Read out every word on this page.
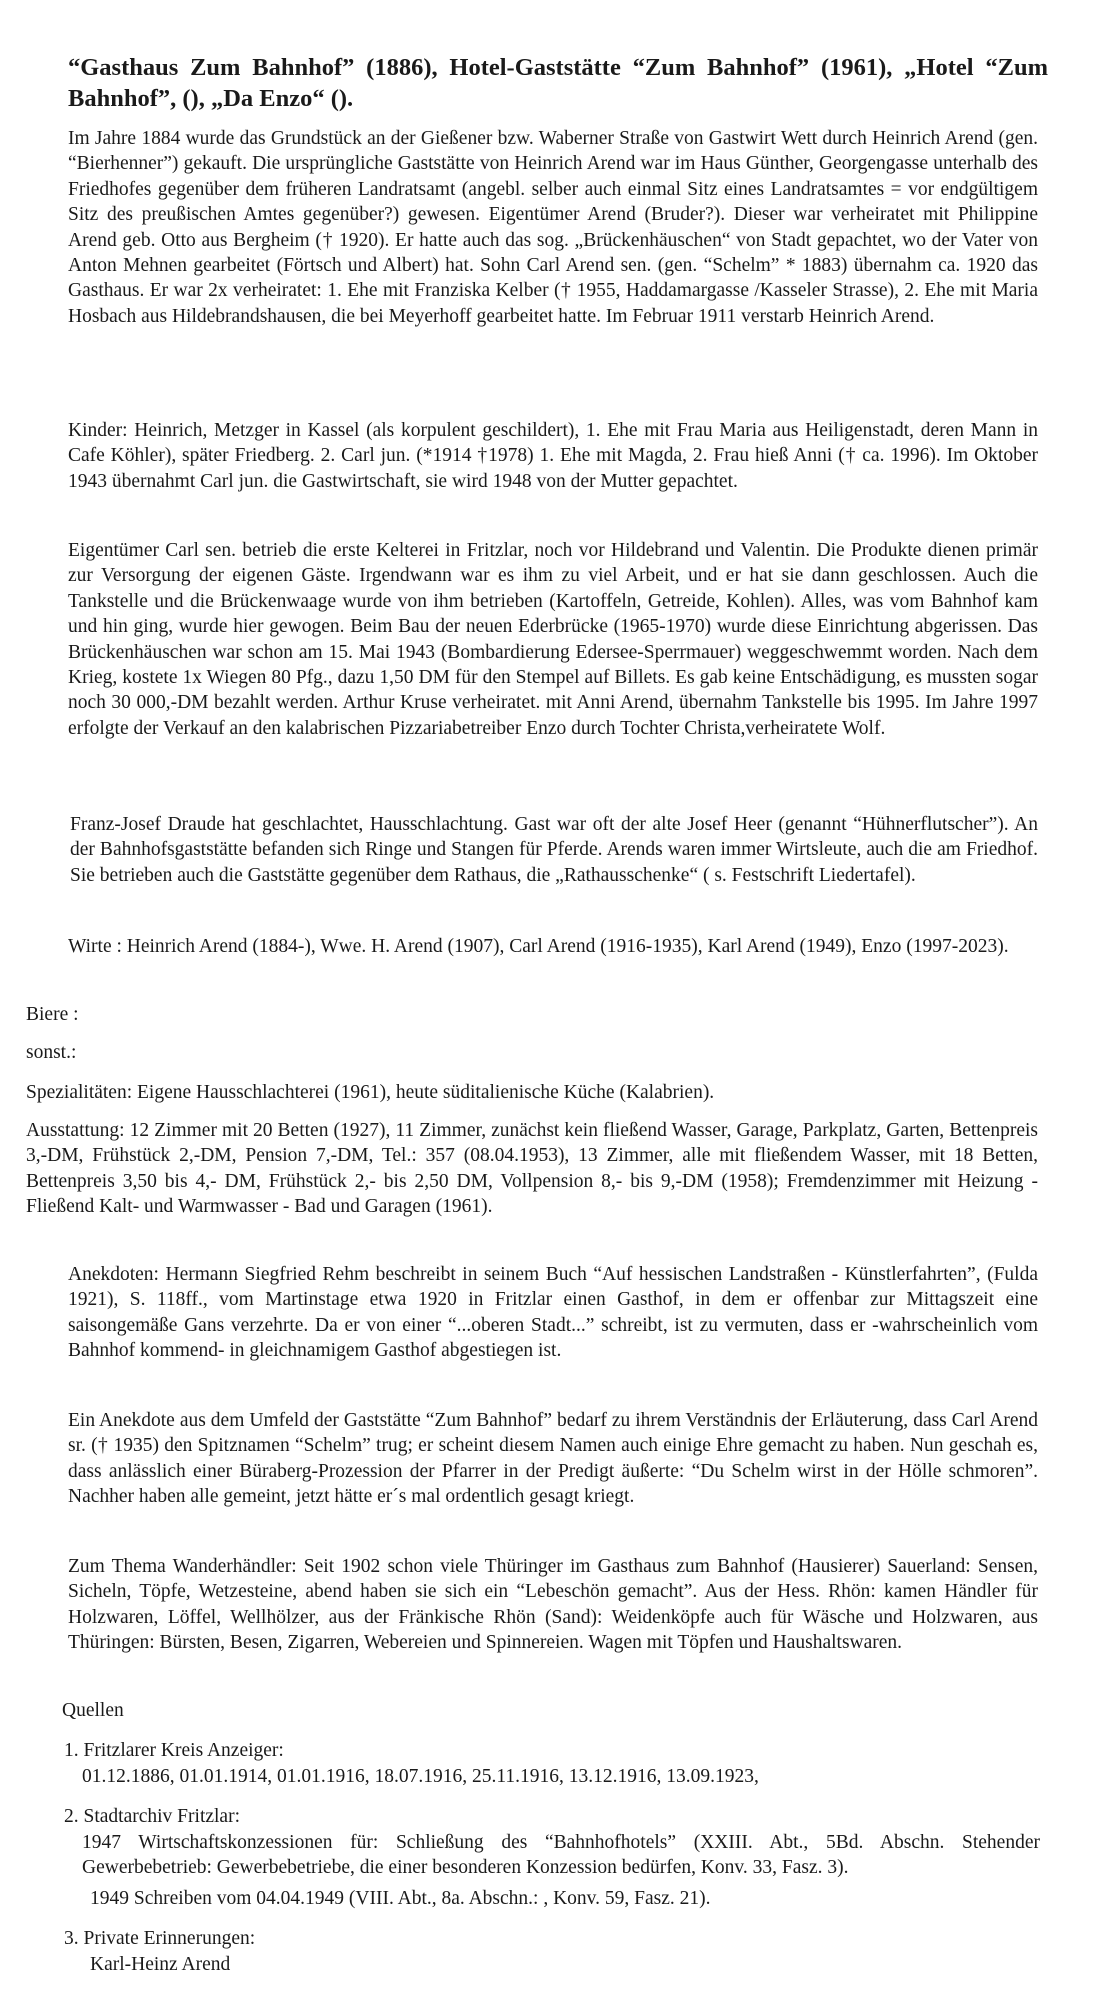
“Gasthaus Zum Bahnhof” (1886), Hotel-Gaststätte “Zum Bahnhof” (1961), „Hotel “Zum Bahnhof”, (), „Da Enzo“ ().

Im Jahre 1884 wurde das Grundstück an der Gießener bzw. Waberner Straße von Gastwirt Wett durch Heinrich Arend (gen. “Bierhenner”) gekauft. Die ursprüngliche Gaststätte von Heinrich Arend war im Haus Günther, Georgengasse unterhalb des Friedhofes gegenüber dem früheren Landratsamt (angebl. selber auch einmal Sitz eines Landratsamtes = vor endgültigem Sitz des preußischen Amtes gegenüber?) gewesen. Eigentümer Arend (Bruder?). Dieser war verheiratet mit Philippine Arend geb. Otto aus Bergheim († 1920). Er hatte auch das sog. „Brückenhäuschen“ von Stadt gepachtet, wo der Vater von Anton Mehnen gearbeitet (Förtsch und Albert) hat. Sohn Carl Arend sen. (gen. “Schelm” * 1883) übernahm ca. 1920 das Gasthaus. Er war 2x verheiratet: 1. Ehe mit Franziska Kelber († 1955, Haddamargasse /Kasseler Strasse), 2. Ehe mit Maria Hosbach aus Hildebrandshausen, die bei Meyerhoff gearbeitet hatte. Im Februar 1911 verstarb Heinrich Arend.

Kinder: Heinrich, Metzger in Kassel (als korpulent geschildert), 1. Ehe mit Frau Maria aus Heiligenstadt, deren Mann in Cafe Köhler), später Friedberg. 2. Carl jun. (*1914 †1978) 1. Ehe mit Magda, 2. Frau hieß Anni († ca. 1996). Im Oktober 1943 übernahmt Carl jun. die Gastwirtschaft, sie wird 1948 von der Mutter gepachtet.

Eigentümer Carl sen. betrieb die erste Kelterei in Fritzlar, noch vor Hildebrand und Valentin. Die Produkte dienen primär zur Versorgung der eigenen Gäste. Irgendwann war es ihm zu viel Arbeit, und er hat sie dann geschlossen. Auch die Tankstelle und die Brückenwaage wurde von ihm betrieben (Kartoffeln, Getreide, Kohlen). Alles, was vom Bahnhof kam und hin ging, wurde hier gewogen. Beim Bau der neuen Ederbrücke (1965-1970) wurde diese Einrichtung abgerissen. Das Brückenhäuschen war schon am 15. Mai 1943 (Bombardierung Edersee-Sperrmauer) weggeschwemmt worden. Nach dem Krieg, kostete 1x Wiegen 80 Pfg., dazu 1,50 DM für den Stempel auf Billets. Es gab keine Entschädigung, es mussten sogar noch 30 000,-DM bezahlt werden. Arthur Kruse verheiratet. mit Anni Arend, übernahm Tankstelle bis 1995. Im Jahre 1997 erfolgte der Verkauf an den kalabrischen Pizzariabetreiber Enzo durch Tochter Christa,verheiratete Wolf.

Franz-Josef Draude hat geschlachtet, Hausschlachtung. Gast war oft der alte Josef Heer (genannt “Hühnerflutscher”). An der Bahnhofsgaststätte befanden sich Ringe und Stangen für Pferde. Arends waren immer Wirtsleute, auch die am Friedhof. Sie betrieben auch die Gaststätte gegenüber dem Rathaus, die „Rathausschenke“ ( s. Festschrift Liedertafel).

Wirte : Heinrich Arend (1884-), Wwe. H. Arend (1907), Carl Arend (1916-1935), Karl Arend (1949), Enzo (1997-2023).

Biere :

sonst.:

Spezialitäten: Eigene Hausschlachterei (1961), heute süditalienische Küche (Kalabrien).

Ausstattung: 12 Zimmer mit 20 Betten (1927), 11 Zimmer, zunächst kein fließend Wasser, Garage, Parkplatz, Garten, Bettenpreis 3,-DM, Frühstück 2,-DM, Pension 7,-DM, Tel.: 357 (08.04.1953), 13 Zimmer, alle mit fließendem Wasser, mit 18 Betten, Bettenpreis 3,50 bis 4,- DM, Frühstück 2,- bis 2,50 DM, Vollpension 8,- bis 9,-DM (1958); Fremdenzimmer mit Heizung - Fließend Kalt- und Warmwasser - Bad und Garagen (1961).

Anekdoten: Hermann Siegfried Rehm beschreibt in seinem Buch “Auf hessischen Landstraßen - Künstlerfahrten”, (Fulda 1921), S. 118ff., vom Martinstage etwa 1920 in Fritzlar einen Gasthof, in dem er offenbar zur Mittagszeit eine saisongemäße Gans verzehrte. Da er von einer “...oberen Stadt...” schreibt, ist zu vermuten, dass er -wahrscheinlich vom Bahnhof kommend- in gleichnamigem Gasthof abgestiegen ist.

Ein Anekdote aus dem Umfeld der Gaststätte “Zum Bahnhof” bedarf zu ihrem Verständnis der Erläuterung, dass Carl Arend sr. († 1935) den Spitznamen “Schelm” trug; er scheint diesem Namen auch einige Ehre gemacht zu haben. Nun geschah es, dass anlässlich einer Büraberg-Prozession der Pfarrer in der Predigt äußerte: “Du Schelm wirst in der Hölle schmoren”. Nachher haben alle gemeint, jetzt hätte er´s mal ordentlich gesagt kriegt.

Zum Thema Wanderhändler: Seit 1902 schon viele Thüringer im Gasthaus zum Bahnhof (Hausierer) Sauerland: Sensen, Sicheln, Töpfe, Wetzesteine, abend haben sie sich ein “Lebeschön gemacht”. Aus der Hess. Rhön: kamen Händler für Holzwaren, Löffel, Wellhölzer, aus der Fränkische Rhön (Sand): Weidenköpfe auch für Wäsche und Holzwaren, aus Thüringen: Bürsten, Besen, Zigarren, Webereien und Spinnereien. Wagen mit Töpfen und Haushaltswaren.

Quellen

1. Fritzlarer Kreis Anzeiger:

01.12.1886, 01.01.1914, 01.01.1916, 18.07.1916, 25.11.1916, 13.12.1916, 13.09.1923,

2. Stadtarchiv Fritzlar:

1947 Wirtschaftskonzessionen für: Schließung des “Bahnhofhotels” (XXIII. Abt., 5Bd. Abschn. Stehender Gewerbebetrieb: Gewerbebetriebe, die einer besonderen Konzession bedürfen, Konv. 33, Fasz. 3).

1949 Schreiben vom 04.04.1949 (VIII. Abt., 8a. Abschn.: , Konv. 59, Fasz. 21).

3. Private Erinnerungen:

Karl-Heinz Arend
